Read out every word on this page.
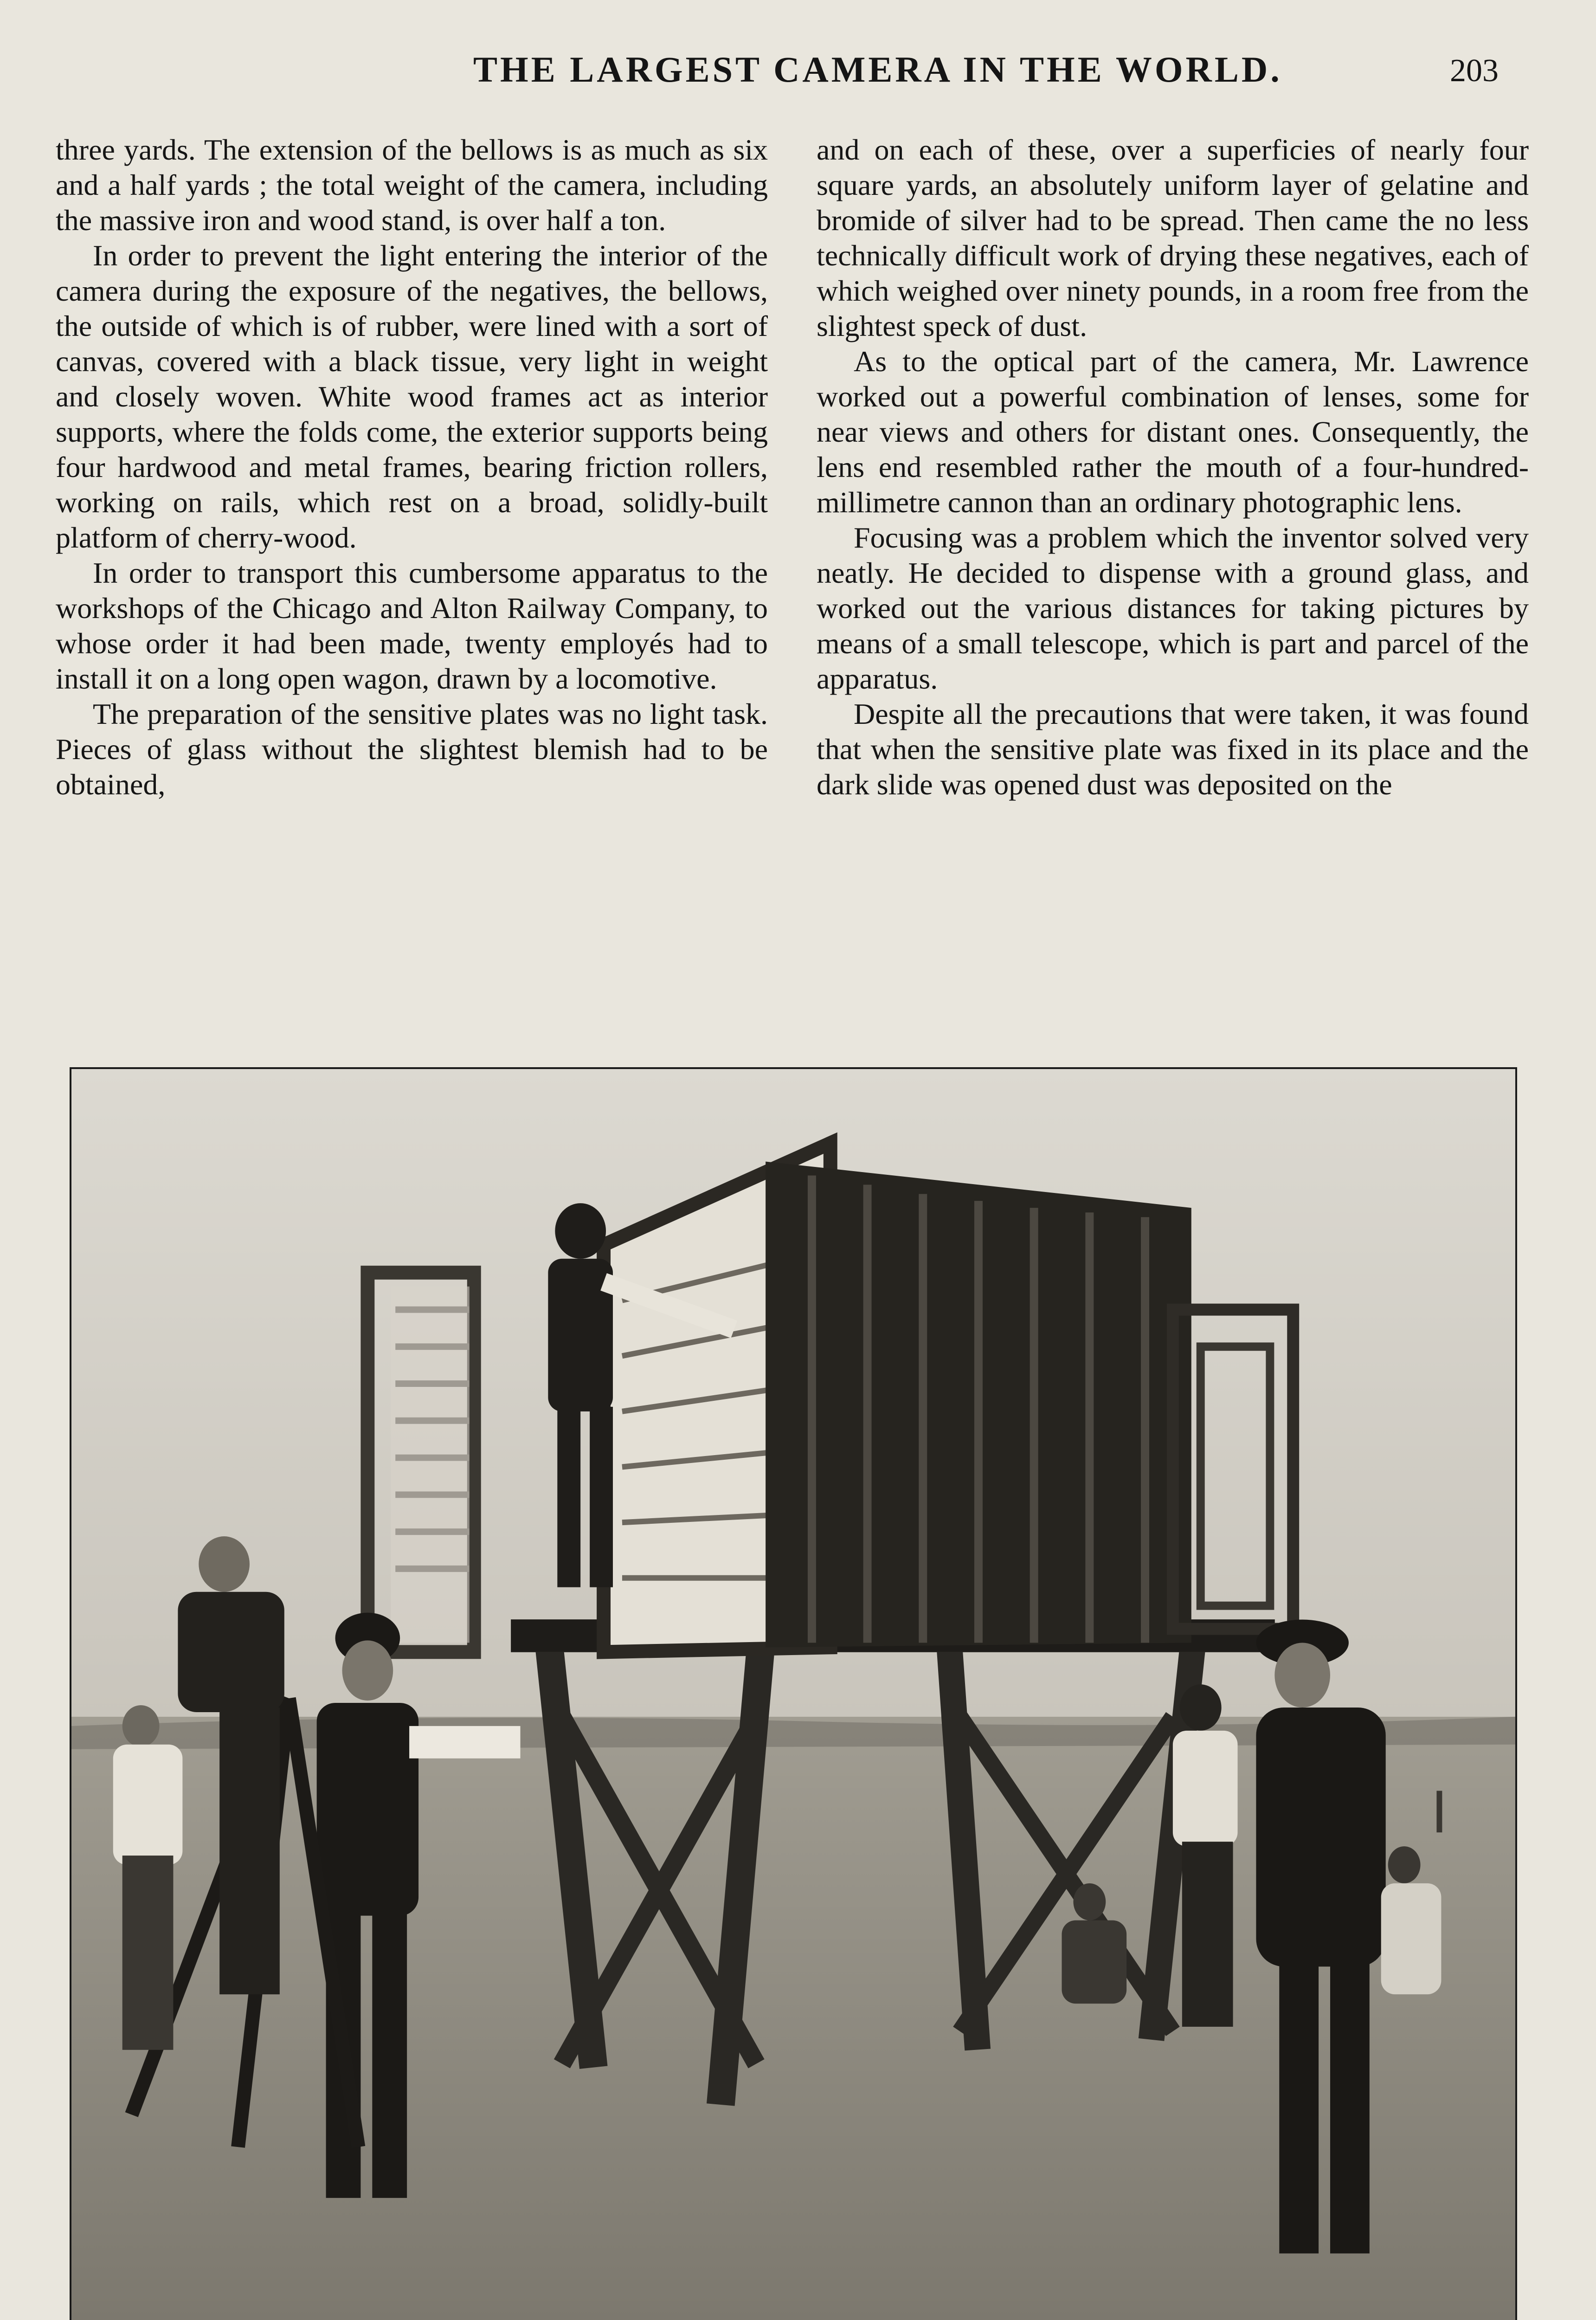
THE LARGEST CAMERA IN THE WORLD.	203

three yards. The extension of the bellows is as much as six and a half yards ; the total weight of the camera, including the massive iron and wood stand, is over half a ton.

In order to prevent the light entering the interior of the camera during the exposure of the negatives, the bellows, the outside of which is of rubber, were lined with a sort of canvas, covered with a black tissue, very light in weight and closely woven. White wood frames act as interior supports, where the folds come, the exterior supports being four hardwood and metal frames, bearing friction rollers, working on rails, which rest on a broad, solidly-built platform of cherry-wood.

In order to transport this cumbersome apparatus to the workshops of the Chicago and Alton Railway Company, to whose order it had been made, twenty employés had to install it on a long open wagon, drawn by a locomotive.

The preparation of the sensitive plates was no light task. Pieces of glass without the slightest blemish had to be obtained,

and on each of these, over a superficies of nearly four square yards, an absolutely uniform layer of gelatine and bromide of silver had to be spread. Then came the no less technically difficult work of drying these negatives, each of which weighed over ninety pounds, in a room free from the slightest speck of dust.

As to the optical part of the camera, Mr. Lawrence worked out a powerful combination of lenses, some for near views and others for distant ones. Consequently, the lens end resembled rather the mouth of a four-hundred-millimetre cannon than an ordinary photographic lens.

Focusing was a problem which the inventor solved very neatly. He decided to dispense with a ground glass, and worked out the various distances for taking pictures by means of a small telescope, which is part and parcel of the apparatus.

Despite all the precautions that were taken, it was found that when the sensitive plate was fixed in its place and the dark slide was opened dust was deposited on the
